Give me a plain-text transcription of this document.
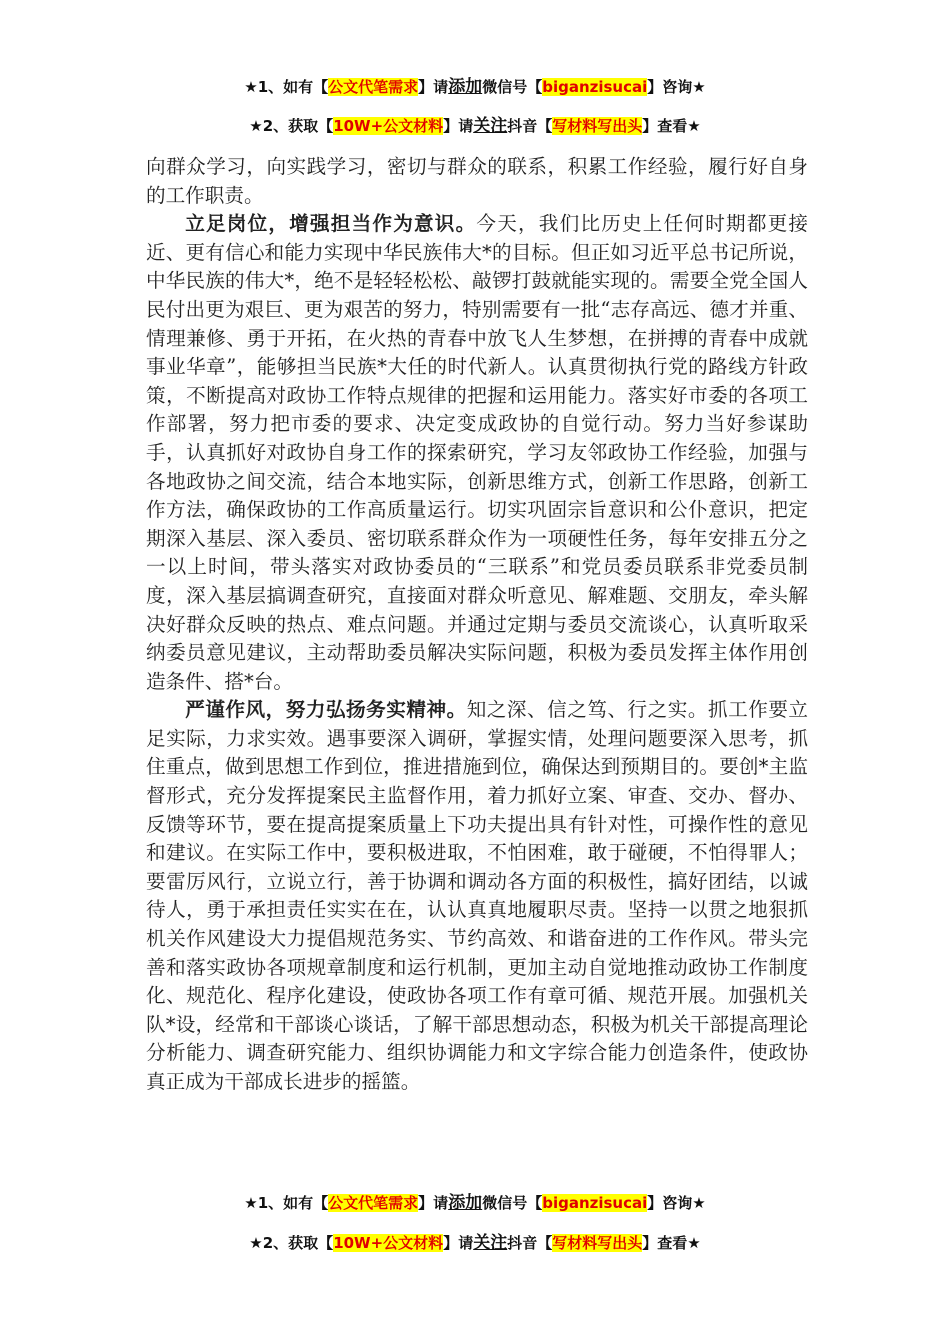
★1、如有【公文代笔需求】请添加微信号【biganzisucai】咨询★
★2、获取【10W+公文材料】请关注抖音【写材料写出头】查看★

向群众学习，向实践学习，密切与群众的联系，积累工作经验，履行好自身的工作职责。

立足岗位，增强担当作为意识。今天，我们比历史上任何时期都更接近、更有信心和能力实现中华民族伟大*的目标。但正如习近平总书记所说，中华民族的伟大*，绝不是轻轻松松、敲锣打鼓就能实现的。需要全党全国人民付出更为艰巨、更为艰苦的努力，特别需要有一批“志存高远、德才并重、情理兼修、勇于开拓，在火热的青春中放飞人生梦想，在拼搏的青春中成就事业华章”，能够担当民族*大任的时代新人。认真贯彻执行党的路线方针政策，不断提高对政协工作特点规律的把握和运用能力。落实好市委的各项工作部署，努力把市委的要求、决定变成政协的自觉行动。努力当好参谋助手，认真抓好对政协自身工作的探索研究，学习友邻政协工作经验，加强与各地政协之间交流，结合本地实际，创新思维方式，创新工作思路，创新工作方法，确保政协的工作高质量运行。切实巩固宗旨意识和公仆意识，把定期深入基层、深入委员、密切联系群众作为一项硬性任务，每年安排五分之一以上时间，带头落实对政协委员的“三联系”和党员委员联系非党委员制度，深入基层搞调查研究，直接面对群众听意见、解难题、交朋友，牵头解决好群众反映的热点、难点问题。并通过定期与委员交流谈心，认真听取采纳委员意见建议，主动帮助委员解决实际问题，积极为委员发挥主体作用创造条件、搭*台。

严谨作风，努力弘扬务实精神。知之深、信之笃、行之实。抓工作要立足实际，力求实效。遇事要深入调研，掌握实情，处理问题要深入思考，抓住重点，做到思想工作到位，推进措施到位，确保达到预期目的。要创*主监督形式，充分发挥提案民主监督作用，着力抓好立案、审查、交办、督办、反馈等环节，要在提高提案质量上下功夫提出具有针对性，可操作性的意见和建议。在实际工作中，要积极进取，不怕困难，敢于碰硬，不怕得罪人；要雷厉风行，立说立行，善于协调和调动各方面的积极性，搞好团结，以诚待人，勇于承担责任实实在在，认认真真地履职尽责。坚持一以贯之地狠抓机关作风建设大力提倡规范务实、节约高效、和谐奋进的工作作风。带头完善和落实政协各项规章制度和运行机制，更加主动自觉地推动政协工作制度化、规范化、程序化建设，使政协各项工作有章可循、规范开展。加强机关队*设，经常和干部谈心谈话，了解干部思想动态，积极为机关干部提高理论分析能力、调查研究能力、组织协调能力和文字综合能力创造条件，使政协真正成为干部成长进步的摇篮。

★1、如有【公文代笔需求】请添加微信号【biganzisucai】咨询★
★2、获取【10W+公文材料】请关注抖音【写材料写出头】查看★
